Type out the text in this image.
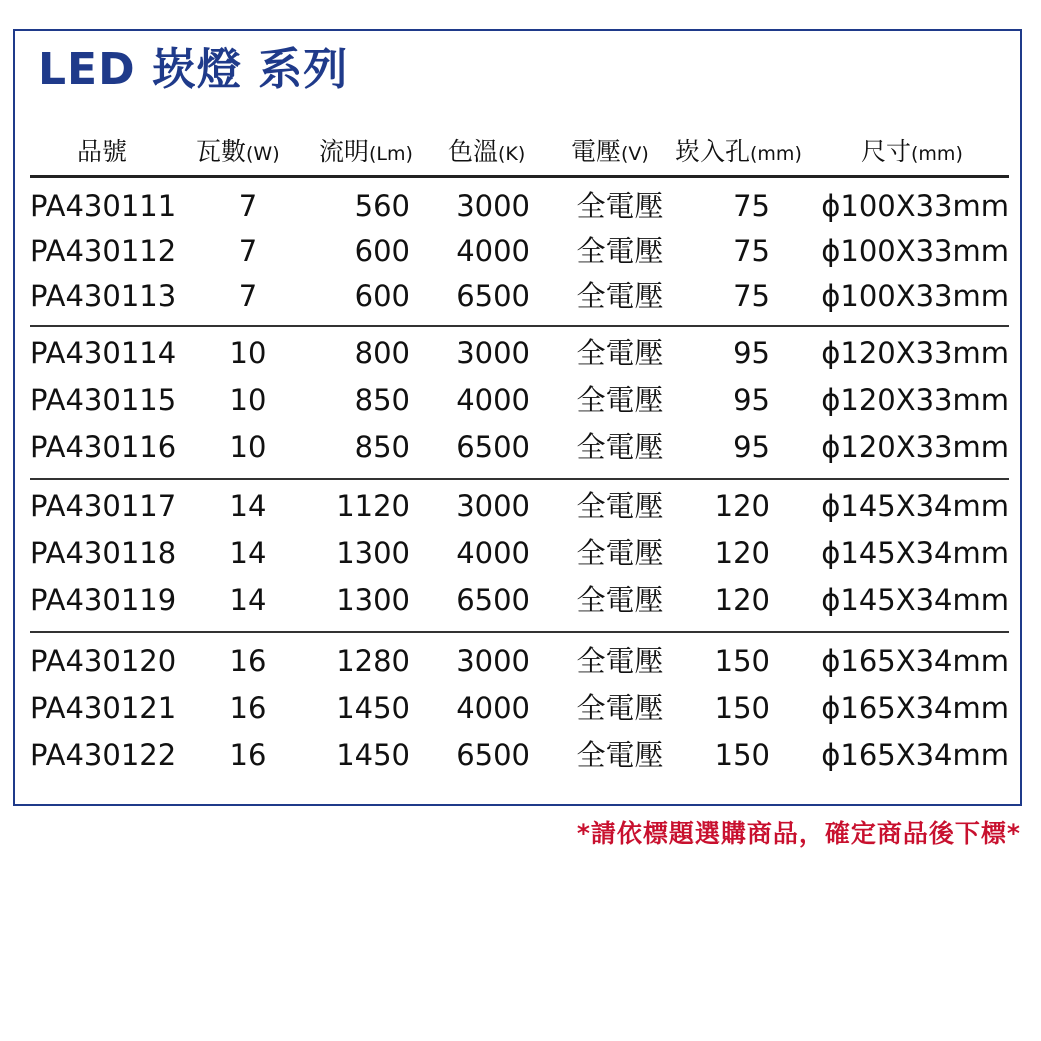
LED 崁燈 系列
品號	瓦數(W) 流明(Lm) 色溫(K) 電壓(V) 崁入孔(mm) 尺寸(mm)
PA430111 7	560 3000 全電壓 75 ϕ100X33mm
PA430112 7	600 4000 全電壓 75 ϕ100X33mm
PA430113 7	600 6500 全電壓 75 ϕ100X33mm
PA430114 10	800 3000 全電壓 95 ϕ120X33mm
PA430115 10	850 4000 全電壓 95 ϕ120X33mm
PA430116 10	850 6500 全電壓 95 ϕ120X33mm
PA430117 14 1120 3000 全電壓 120 ϕ145X34mm
PA430118 14 1300 4000 全電壓 120 ϕ145X34mm
PA430119 14 1300 6500 全電壓 120 ϕ145X34mm
PA430120 16 1280 3000 全電壓 150 ϕ165X34mm
PA430121 16 1450 4000 全電壓 150 ϕ165X34mm
PA430122 16 1450 6500 全電壓 150 ϕ165X34mm
*請依標題選購商品，確定商品後下標*
